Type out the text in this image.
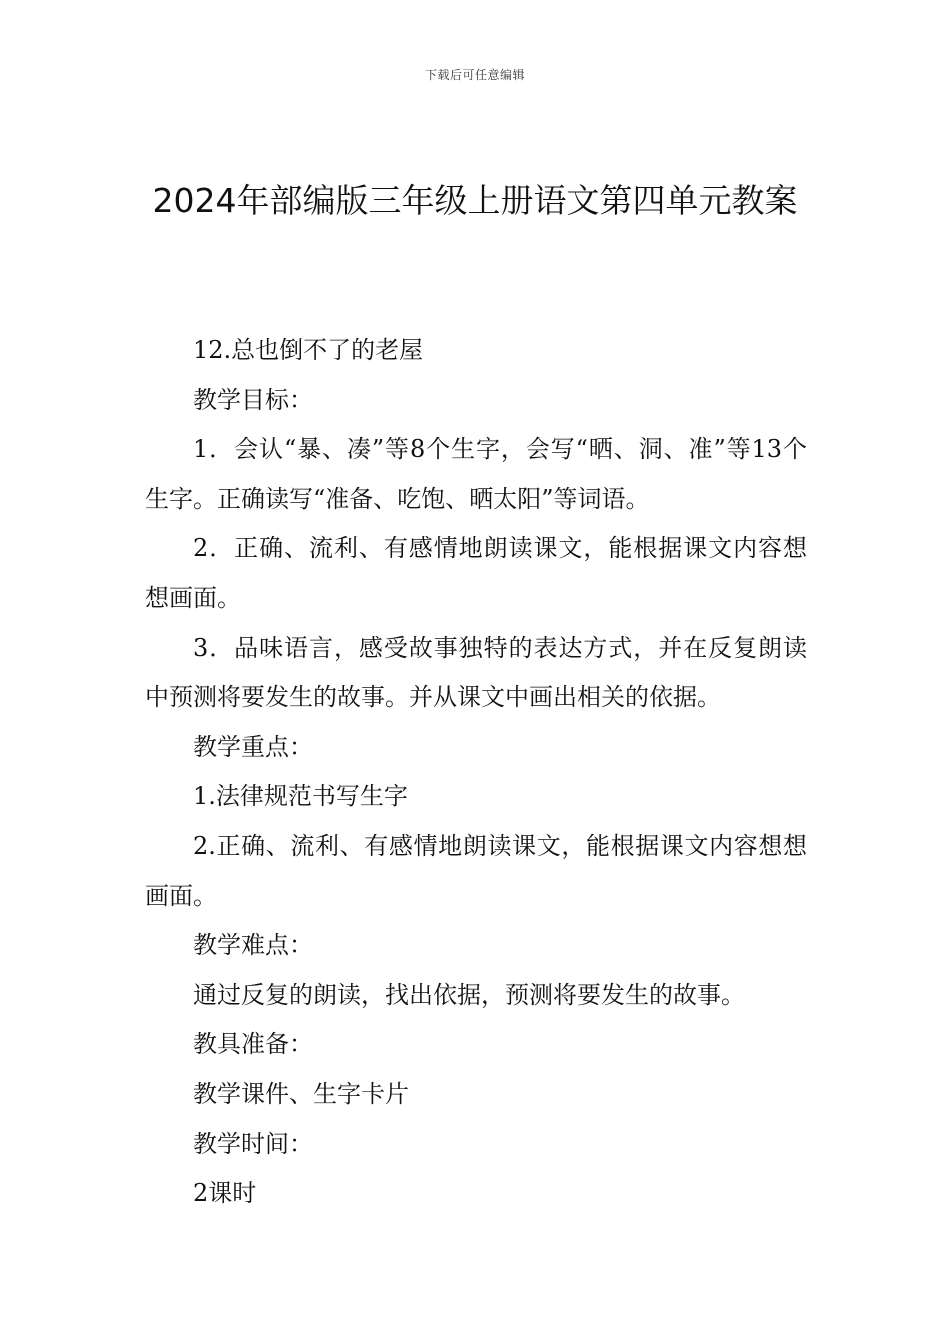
下载后可任意编辑
2024年部编版三年级上册语文第四单元教案

12.总也倒不了的老屋

教学目标：

1．会认“暴、凑”等8个生字，会写“晒、洞、准”等13个生字。正确读写“准备、吃饱、晒太阳”等词语。

2．正确、流利、有感情地朗读课文，能根据课文内容想想画面。

3．品味语言，感受故事独特的表达方式，并在反复朗读中预测将要发生的故事。并从课文中画出相关的依据。

教学重点：

1.法律规范书写生字

2.正确、流利、有感情地朗读课文，能根据课文内容想想画面。

教学难点：

通过反复的朗读，找出依据，预测将要发生的故事。

教具准备：

教学课件、生字卡片

教学时间：

2课时
